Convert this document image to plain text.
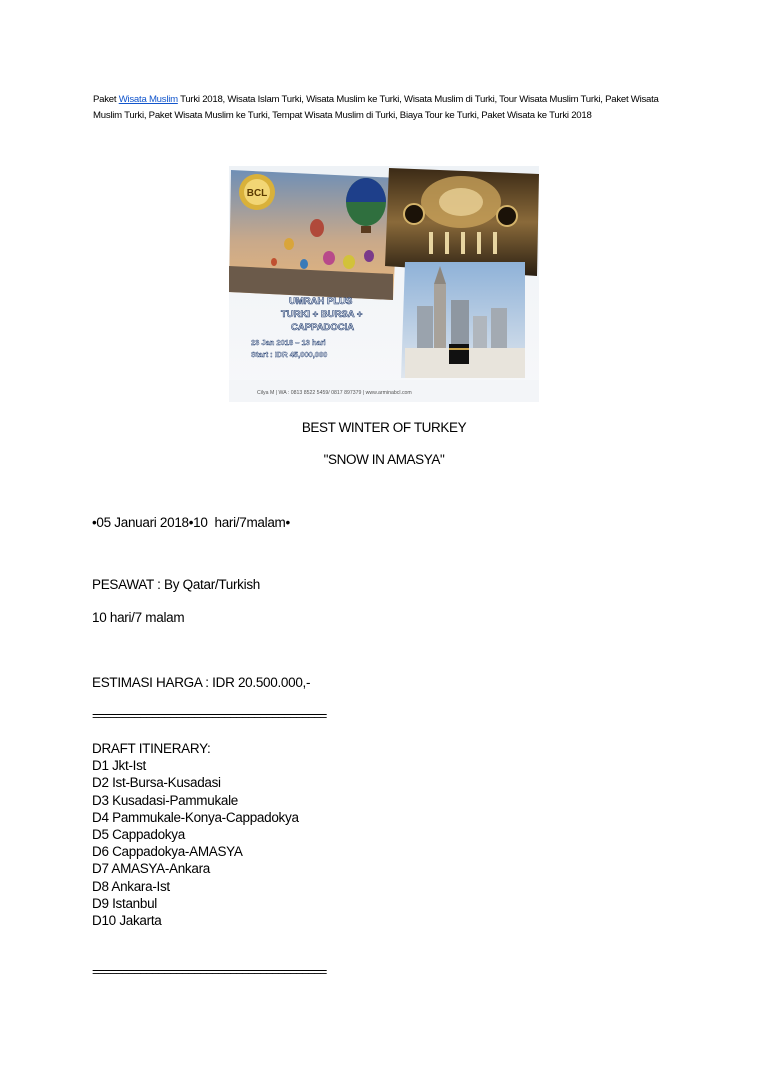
Paket Wisata Muslim Turki 2018, Wisata Islam Turki, Wisata Muslim ke Turki, Wisata Muslim di Turki, Tour Wisata Muslim Turki, Paket Wisata Muslim Turki, Paket Wisata Muslim ke Turki, Tempat Wisata Muslim di Turki, Biaya Tour ke Turki, Paket Wisata ke Turki 2018
BCL
UMRAH PLUS
TURKI + BURSA +
CAPPADOCIA
23 Jan 2018 – 13 hari
Start : IDR 45,000,000
Cilya M | WA : 0813 8522 5459/ 0817 897379 | www.arminabcl.com
BEST WINTER OF TURKEY
"SNOW IN AMASYA"
•05 Januari 2018•10  hari/7malam•
PESAWAT : By Qatar/Turkish
10 hari/7 malam
ESTIMASI HARGA : IDR 20.500.000,-
=======================================
DRAFT ITINERARY:
D1 Jkt-Ist
D2 Ist-Bursa-Kusadasi
D3 Kusadasi-Pammukale
D4 Pammukale-Konya-Cappadokya
D5 Cappadokya
D6 Cappadokya-AMASYA
D7 AMASYA-Ankara
D8 Ankara-Ist
D9 Istanbul
D10 Jakarta
=======================================
